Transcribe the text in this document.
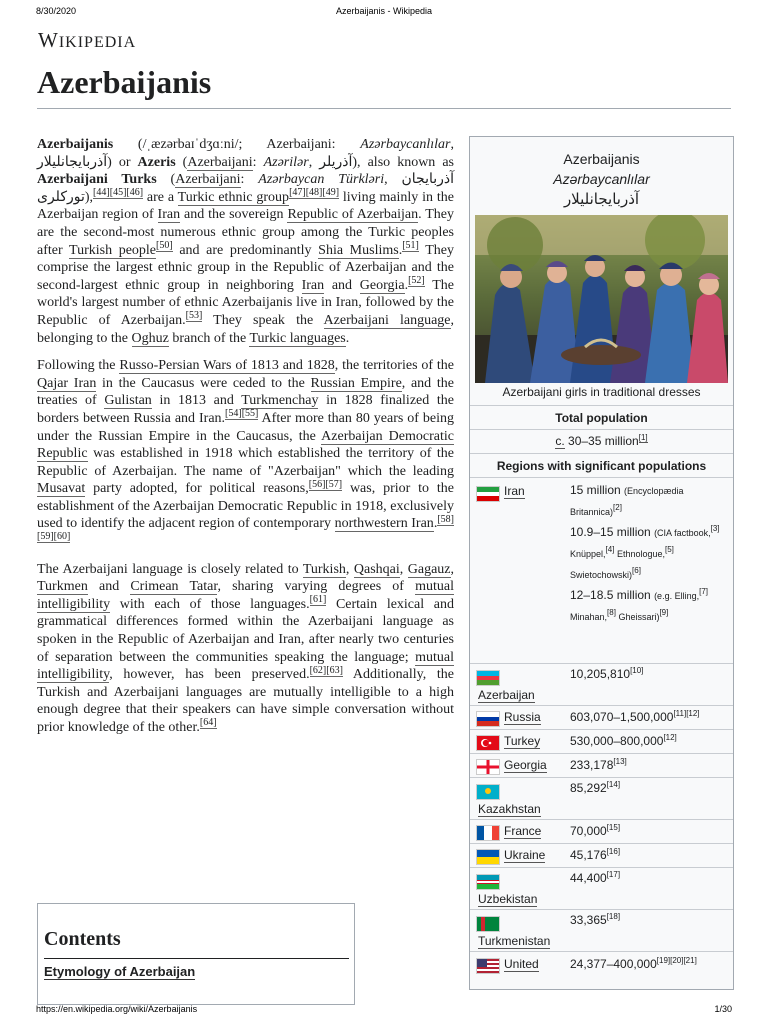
8/30/2020	Azerbaijanis - Wikipedia
WIKIPEDIA
Azerbaijanis

Azerbaijanis (/ˌæzərbaɪˈdʒɑːni/; Azerbaijani: Azərbaycanlılar, آذربایجانلیلار) or Azeris (Azerbaijani: Azərilər, آذریلر), also known as Azerbaijani Turks (Azerbaijani: Azərbaycan Türkləri, آذربایجان تورکلری),[44][45][46] are a Turkic ethnic group[47][48][49] living mainly in the Azerbaijan region of Iran and the sovereign Republic of Azerbaijan. They are the second-most numerous ethnic group among the Turkic peoples after Turkish people[50] and are predominantly Shia Muslims.[51] They comprise the largest ethnic group in the Republic of Azerbaijan and the second-largest ethnic group in neighboring Iran and Georgia.[52] The world's largest number of ethnic Azerbaijanis live in Iran, followed by the Republic of Azerbaijan.[53] They speak the Azerbaijani language, belonging to the Oghuz branch of the Turkic languages.

Following the Russo-Persian Wars of 1813 and 1828, the territories of the Qajar Iran in the Caucasus were ceded to the Russian Empire, and the treaties of Gulistan in 1813 and Turkmenchay in 1828 finalized the borders between Russia and Iran.[54][55] After more than 80 years of being under the Russian Empire in the Caucasus, the Azerbaijan Democratic Republic was established in 1918 which established the territory of the Republic of Azerbaijan. The name of "Azerbaijan" which the leading Musavat party adopted, for political reasons,[56][57] was, prior to the establishment of the Azerbaijan Democratic Republic in 1918, exclusively used to identify the adjacent region of contemporary northwestern Iran.[58][59][60]

The Azerbaijani language is closely related to Turkish, Qashqai, Gagauz, Turkmen and Crimean Tatar, sharing varying degrees of mutual intelligibility with each of those languages.[61] Certain lexical and grammatical differences formed within the Azerbaijani language as spoken in the Republic of Azerbaijan and Iran, after nearly two centuries of separation between the communities speaking the language; mutual intelligibility, however, has been preserved.[62][63] Additionally, the Turkish and Azerbaijani languages are mutually intelligible to a high enough degree that their speakers can have simple conversation without prior knowledge of the other.[64]

Contents
Etymology of Azerbaijan
Azerbaijanis
Azərbaycanlılar
آذربایجانلیلار
Azerbaijani girls in traditional dresses
Total population
c. 30–35 million[1]
Regions with significant populations
Iran	15 million (Encyclopædia Britannica)[2]
10.9–15 million (CIA factbook,[3] Knüppel,[4] Ethnologue,[5] Swietochowski)[6]
12–18.5 million (e.g. Elling,[7] Minahan,[8] Gheissari)[9]
Azerbaijan
10,205,810[10]
Russia 603,070–1,500,000[11][12]
Turkey 530,000–800,000[12]
Georgia 233,178[13]
Kazakhstan
85,292[14]
France 70,000[15]
Ukraine 45,176[16]
Uzbekistan
44,400[17]
Turkmenistan
33,365[18]
United	24,377–400,000[19][20][21]
https://en.wikipedia.org/wiki/Azerbaijanis	1/30
